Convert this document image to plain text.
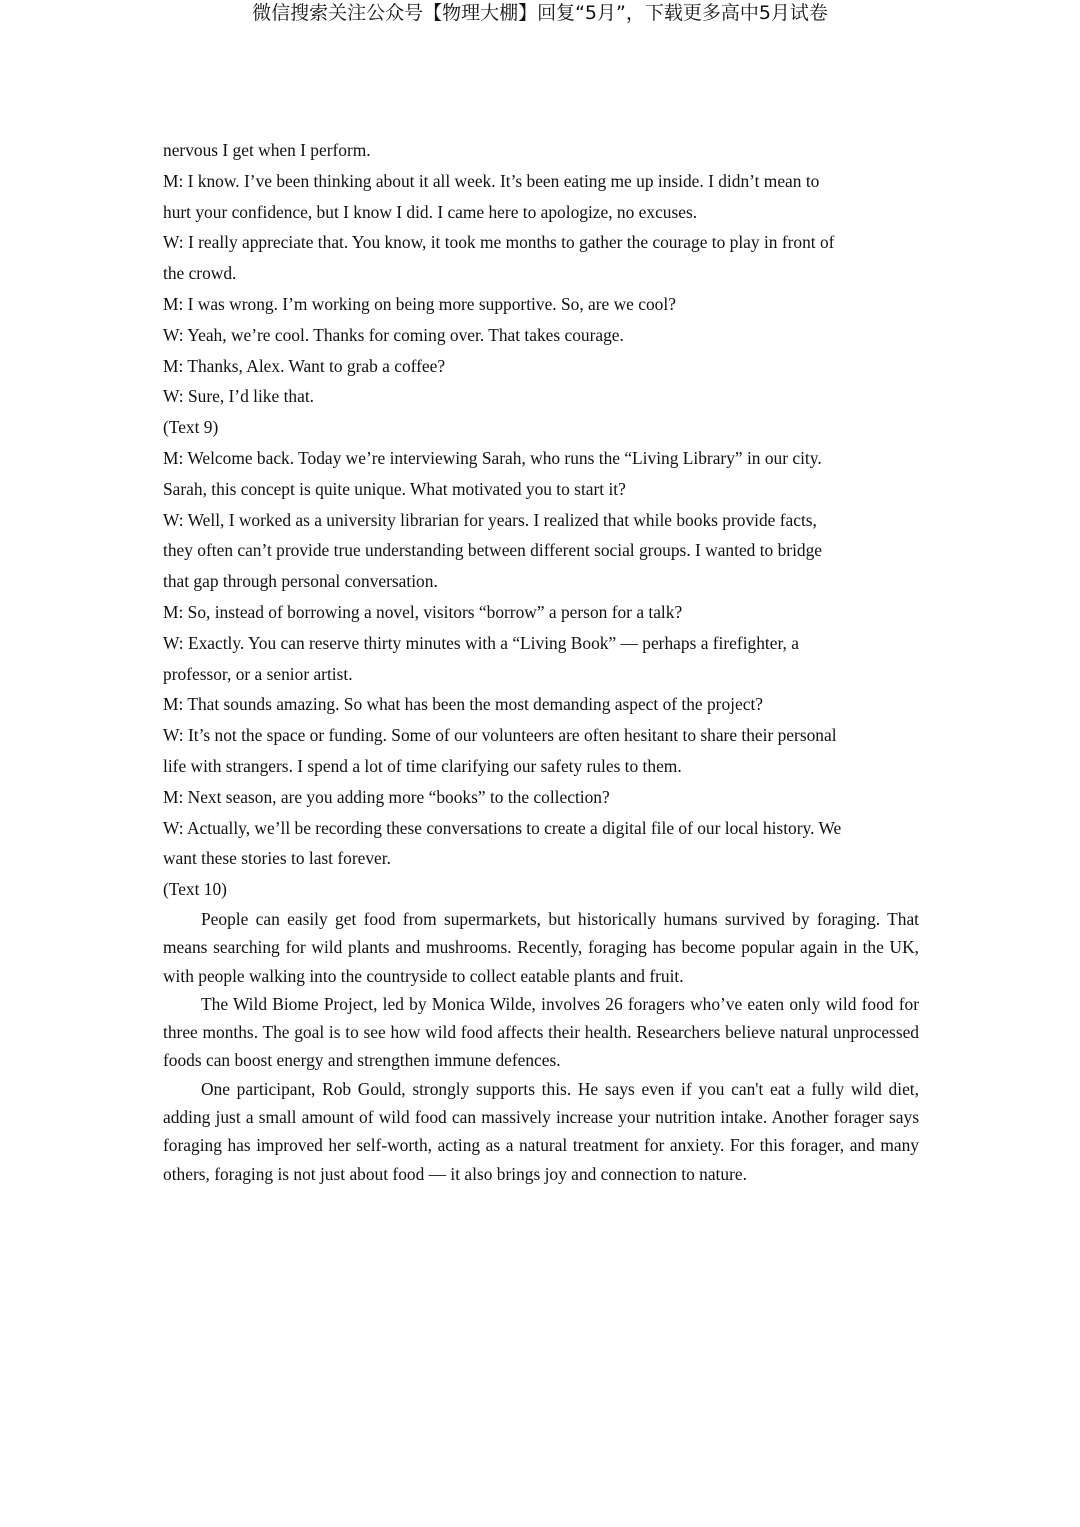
微信搜索关注公众号【物理大棚】回复“5月”，下载更多高中5月试卷

nervous I get when I perform.

M: I know. I’ve been thinking about it all week. It’s been eating me up inside. I didn’t mean to

hurt your confidence, but I know I did. I came here to apologize, no excuses.

W: I really appreciate that. You know, it took me months to gather the courage to play in front of

the crowd.

M: I was wrong. I’m working on being more supportive. So, are we cool?

W: Yeah, we’re cool. Thanks for coming over. That takes courage.

M: Thanks, Alex. Want to grab a coffee?

W: Sure, I’d like that.

(Text 9)

M: Welcome back. Today we’re interviewing Sarah, who runs the “Living Library” in our city.

Sarah, this concept is quite unique. What motivated you to start it?

W: Well, I worked as a university librarian for years. I realized that while books provide facts,

they often can’t provide true understanding between different social groups. I wanted to bridge

that gap through personal conversation.

M: So, instead of borrowing a novel, visitors “borrow” a person for a talk?

W: Exactly. You can reserve thirty minutes with a “Living Book” — perhaps a firefighter, a

professor, or a senior artist.

M: That sounds amazing. So what has been the most demanding aspect of the project?

W: It’s not the space or funding. Some of our volunteers are often hesitant to share their personal

life with strangers. I spend a lot of time clarifying our safety rules to them.

M: Next season, are you adding more “books” to the collection?

W: Actually, we’ll be recording these conversations to create a digital file of our local history. We

want these stories to last forever.

(Text 10)

People can easily get food from supermarkets, but historically humans survived by foraging. That means searching for wild plants and mushrooms. Recently, foraging has become popular again in the UK, with people walking into the countryside to collect eatable plants and fruit.

The Wild Biome Project, led by Monica Wilde, involves 26 foragers who’ve eaten only wild food for three months. The goal is to see how wild food affects their health. Researchers believe natural unprocessed foods can boost energy and strengthen immune defences.

One participant, Rob Gould, strongly supports this. He says even if you can't eat a fully wild diet, adding just a small amount of wild food can massively increase your nutrition intake. Another forager says foraging has improved her self-worth, acting as a natural treatment for anxiety. For this forager, and many others, foraging is not just about food — it also brings joy and connection to nature.
